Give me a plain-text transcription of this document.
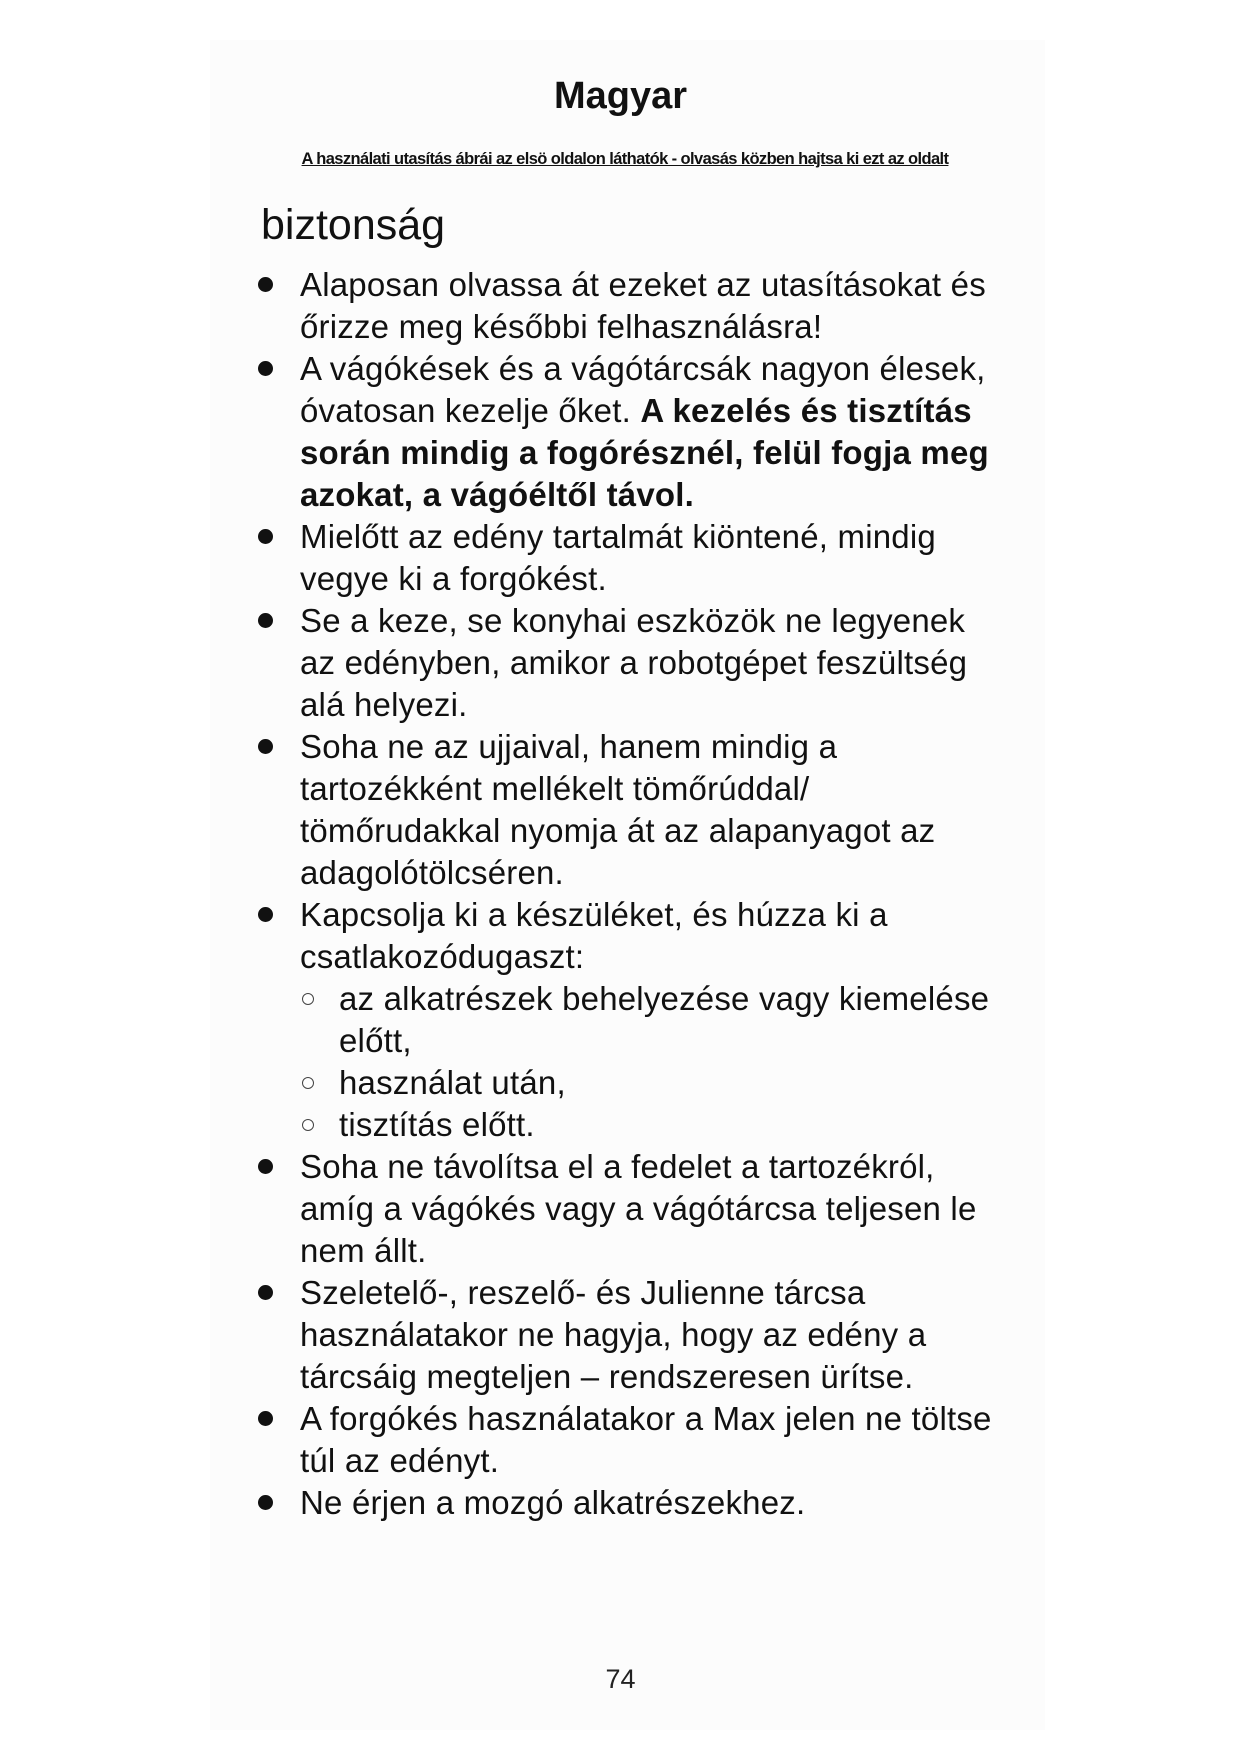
Magyar
A használati utasítás ábrái az elsö oldalon láthatók - olvasás közben hajtsa ki ezt az oldalt
biztonság
Alaposan olvassa át ezeket az utasításokat és őrizze meg későbbi felhasználásra!
A vágókések és a vágótárcsák nagyon élesek, óvatosan kezelje őket. A kezelés és tisztítás során mindig a fogórésznél, felül fogja meg azokat, a vágóéltől távol.
Mielőtt az edény tartalmát kiöntené, mindig vegye ki a forgókést.
Se a keze, se konyhai eszközök ne legyenek az edényben, amikor a robotgépet feszültség alá helyezi.
Soha ne az ujjaival, hanem mindig a tartozékként mellékelt tömőrúddal/ tömőrudakkal nyomja át az alapanyagot az adagolótölcséren.
Kapcsolja ki a készüléket, és húzza ki a csatlakozódugaszt:
az alkatrészek behelyezése vagy kiemelése előtt,
használat után,
tisztítás előtt.
Soha ne távolítsa el a fedelet a tartozékról, amíg a vágókés vagy a vágótárcsa teljesen le nem állt.
Szeletelő-, reszelő- és Julienne tárcsa használatakor ne hagyja, hogy az edény a tárcsáig megteljen – rendszeresen ürítse.
A forgókés használatakor a Max jelen ne töltse túl az edényt.
Ne érjen a mozgó alkatrészekhez.
74
